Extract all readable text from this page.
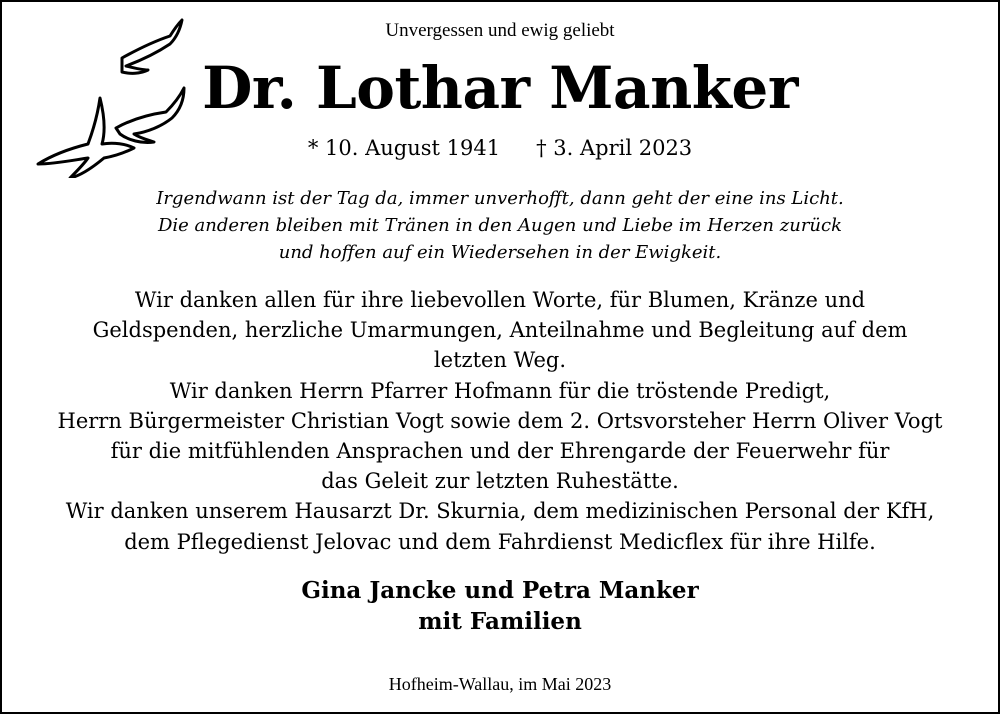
Unvergessen und ewig geliebt
Dr. Lothar Manker
* 10. August 1941 † 3. April 2023
Irgendwann ist der Tag da, immer unverhofft, dann geht der eine ins Licht.
Die anderen bleiben mit Tränen in den Augen und Liebe im Herzen zurück
und hoffen auf ein Wiedersehen in der Ewigkeit.
Wir danken allen für ihre liebevollen Worte, für Blumen, Kränze und
Geldspenden, herzliche Umarmungen, Anteilnahme und Begleitung auf dem
letzten Weg.
Wir danken Herrn Pfarrer Hofmann für die tröstende Predigt,
Herrn Bürgermeister Christian Vogt sowie dem 2. Ortsvorsteher Herrn Oliver Vogt
für die mitfühlenden Ansprachen und der Ehrengarde der Feuerwehr für
das Geleit zur letzten Ruhestätte.
Wir danken unserem Hausarzt Dr. Skurnia, dem medizinischen Personal der KfH,
dem Pflegedienst Jelovac und dem Fahrdienst Medicflex für ihre Hilfe.
Gina Jancke und Petra Manker
mit Familien
Hofheim-Wallau, im Mai 2023
